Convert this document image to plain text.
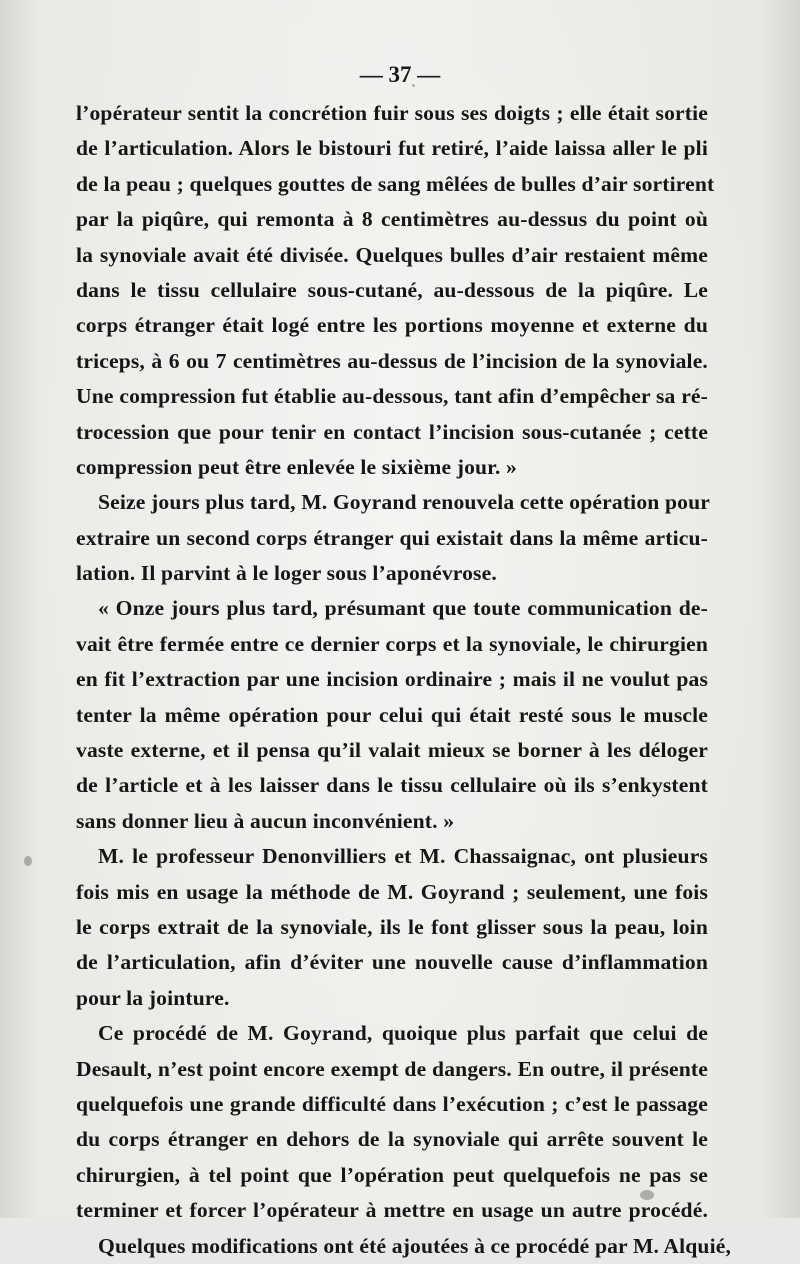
— 37 —
l’opérateur sentit la concrétion fuir sous ses doigts ; elle était sortie
de l’articulation. Alors le bistouri fut retiré, l’aide laissa aller le pli
de la peau ; quelques gouttes de sang mêlées de bulles d’air sortirent
par la piqûre, qui remonta à 8 centimètres au-dessus du point où
la synoviale avait été divisée. Quelques bulles d’air restaient même
dans le tissu cellulaire sous-cutané, au-dessous de la piqûre. Le
corps étranger était logé entre les portions moyenne et externe du
triceps, à 6 ou 7 centimètres au-dessus de l’incision de la synoviale.
Une compression fut établie au-dessous, tant afin d’empêcher sa ré-
trocession que pour tenir en contact l’incision sous-cutanée ; cette
compression peut être enlevée le sixième jour. »
Seize jours plus tard, M. Goyrand renouvela cette opération pour
extraire un second corps étranger qui existait dans la même articu-
lation. Il parvint à le loger sous l’aponévrose.
« Onze jours plus tard, présumant que toute communication de-
vait être fermée entre ce dernier corps et la synoviale, le chirurgien
en fit l’extraction par une incision ordinaire ; mais il ne voulut pas
tenter la même opération pour celui qui était resté sous le muscle
vaste externe, et il pensa qu’il valait mieux se borner à les déloger
de l’article et à les laisser dans le tissu cellulaire où ils s’enkystent
sans donner lieu à aucun inconvénient. »
M. le professeur Denonvilliers et M. Chassaignac, ont plusieurs
fois mis en usage la méthode de M. Goyrand ; seulement, une fois
le corps extrait de la synoviale, ils le font glisser sous la peau, loin
de l’articulation, afin d’éviter une nouvelle cause d’inflammation
pour la jointure.
Ce procédé de M. Goyrand, quoique plus parfait que celui de
Desault, n’est point encore exempt de dangers. En outre, il présente
quelquefois une grande difficulté dans l’exécution ; c’est le passage
du corps étranger en dehors de la synoviale qui arrête souvent le
chirurgien, à tel point que l’opération peut quelquefois ne pas se
terminer et forcer l’opérateur à mettre en usage un autre procédé.
Quelques modifications ont été ajoutées à ce procédé par M. Alquié,
